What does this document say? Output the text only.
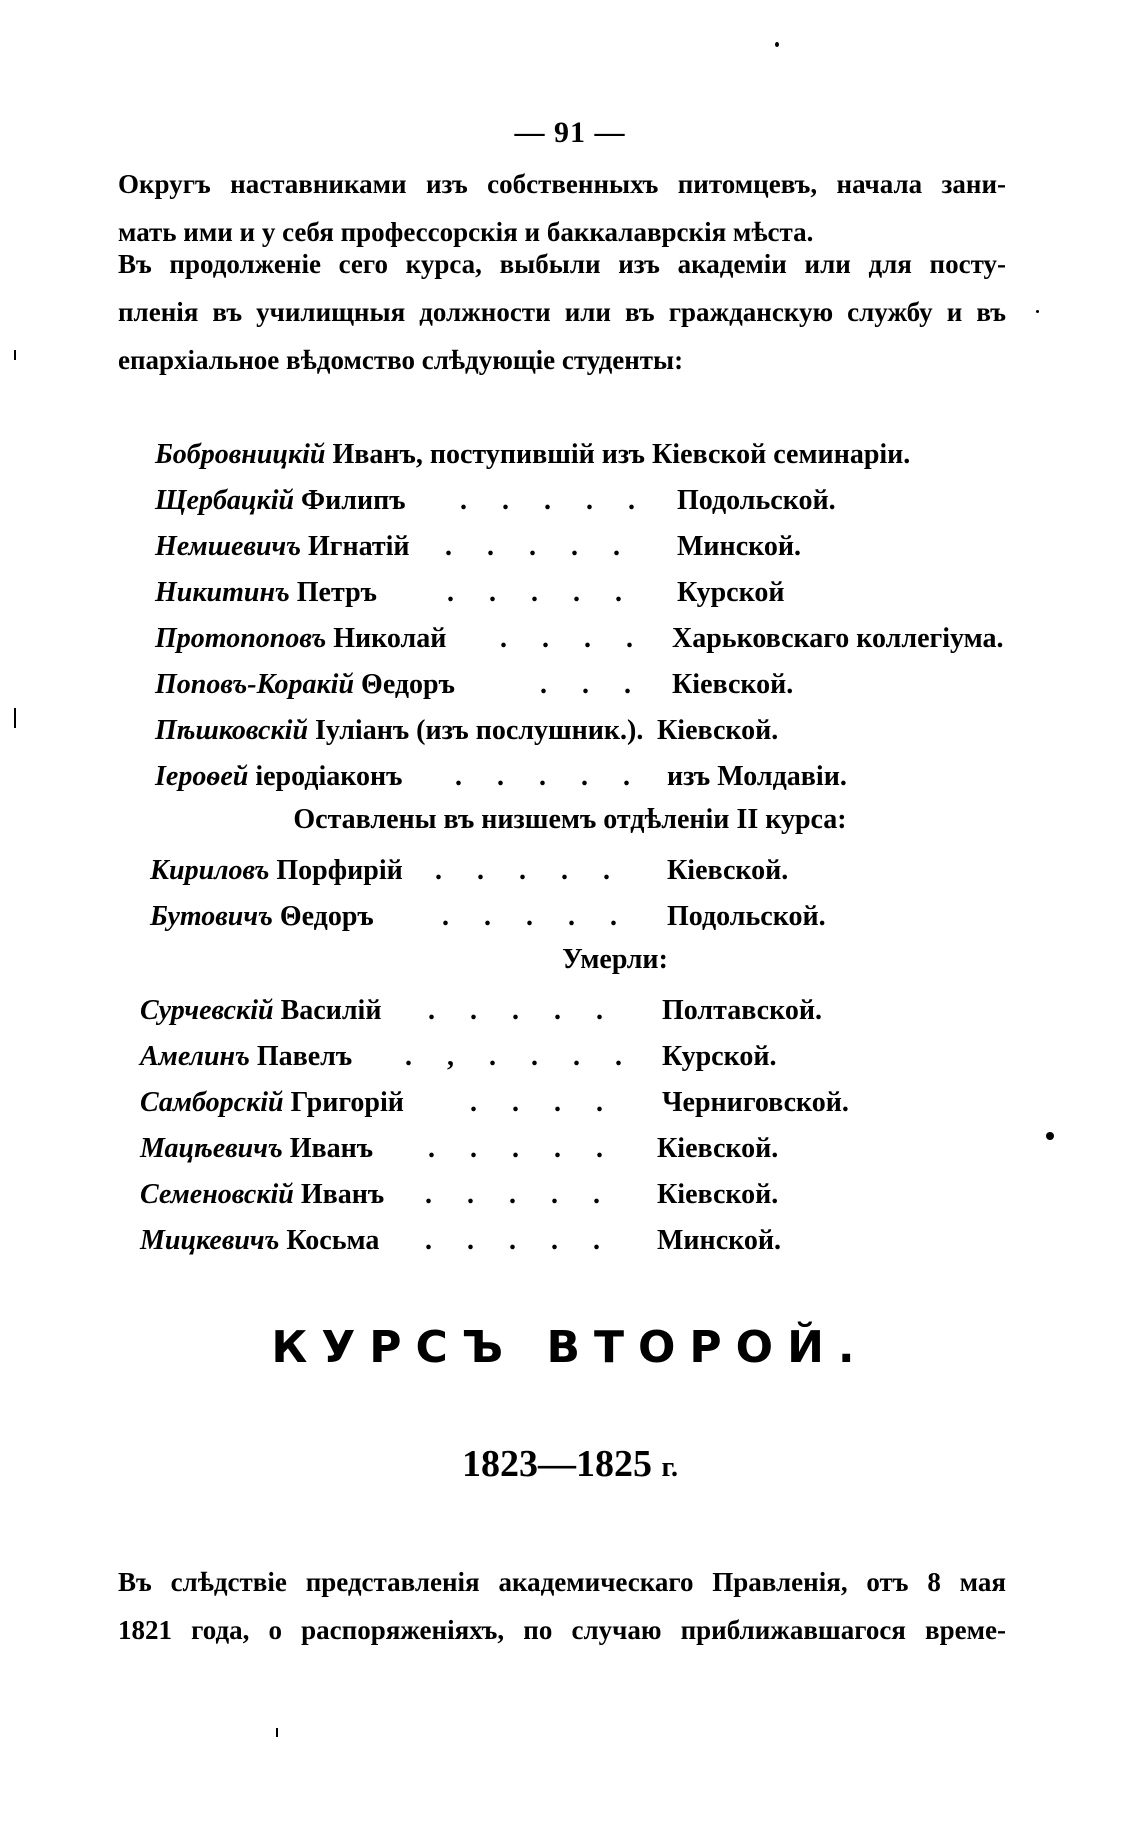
— 91 —
Округъ наставниками изъ собственныхъ питомцевъ, начала зани-
мать ими и у себя профессорскія и баккалаврскія мѣста.
Въ продолженіе сего курса, выбыли изъ академіи или для посту-
пленія въ училищныя должности или въ гражданскую службу и въ
епархіальное вѣдомство слѣдующіе студенты:
Бобровницкій Иванъ, поступившій изъ Кіевской семинаріи.
Щербацкій Филипъ . . . . . Подольской.
Немшевичъ Игнатій . . . . . Минской.
Никитинъ Петръ	. . . . . Курской
Протопоповъ Николай . . . . Харьковскаго коллегіума.
Поповъ-Коракій Θедоръ	. . . Кіевской.
Пѣшковскій Іуліанъ (изъ послушник.). Кіевской.
Іероѳей іеродіаконъ . . . . . изъ Молдавіи.
Оставлены въ низшемъ отдѣленіи II курса:
Кириловъ Порфирій . . . . . Кіевской.
Бутовичъ Θедоръ . . . . . Подольской.
Умерли:
Сурчевскій Василій . . . . . Полтавской.
Амелинъ Павелъ . , . . . . Курской.
Самборскій Григорій . . . . Черниговской.
Мацѣевичъ Иванъ . . . . . Кіевской.
Семеновскій Иванъ . . . . . Кіевской.
Мицкевичъ Косьма . . . . . Минской.
КУРСЪ ВТОРОЙ.
1823—1825 г.
Въ слѣдствіе представленія академическаго Правленія, отъ 8 мая
1821 года, о распоряженіяхъ, по случаю приближавшагося време-
